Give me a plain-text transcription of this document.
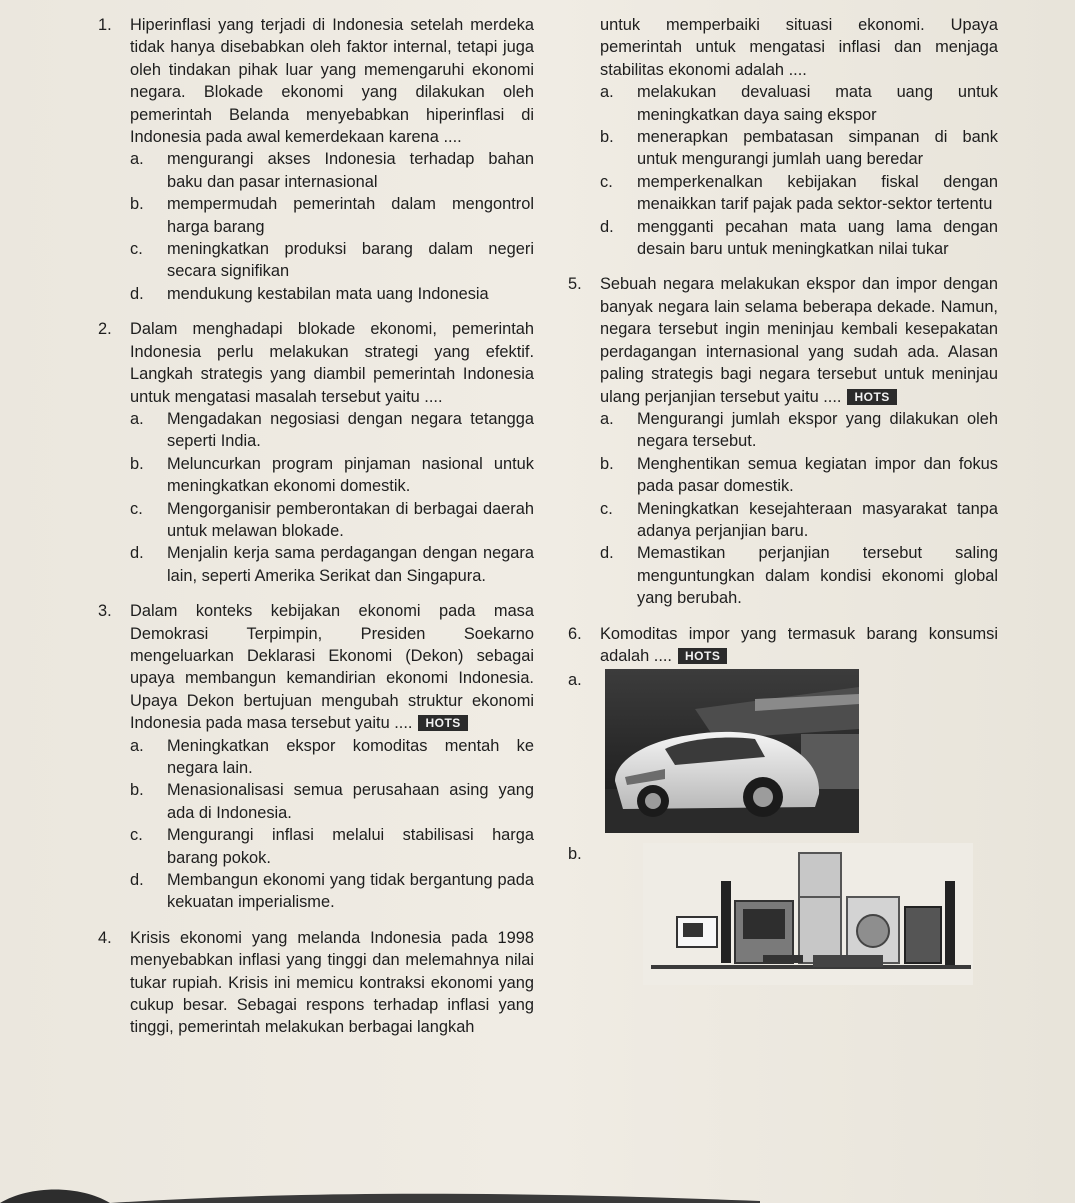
1. Hiperinflasi yang terjadi di Indonesia setelah merdeka tidak hanya disebabkan oleh faktor internal, tetapi juga oleh tindakan pihak luar yang memengaruhi ekonomi negara. Blokade ekonomi yang dilakukan oleh pemerintah Belanda menyebabkan hiperinflasi di Indonesia pada awal kemerdekaan karena ....
a. mengurangi akses Indonesia terhadap bahan baku dan pasar internasional
b. mempermudah pemerintah dalam mengontrol harga barang
c. meningkatkan produksi barang dalam negeri secara signifikan
d. mendukung kestabilan mata uang Indonesia
2. Dalam menghadapi blokade ekonomi, pemerintah Indonesia perlu melakukan strategi yang efektif. Langkah strategis yang diambil pemerintah Indonesia untuk mengatasi masalah tersebut yaitu ....
a. Mengadakan negosiasi dengan negara tetangga seperti India.
b. Meluncurkan program pinjaman nasional untuk meningkatkan ekonomi domestik.
c. Mengorganisir pemberontakan di berbagai daerah untuk melawan blokade.
d. Menjalin kerja sama perdagangan dengan negara lain, seperti Amerika Serikat dan Singapura.
3. Dalam konteks kebijakan ekonomi pada masa Demokrasi Terpimpin, Presiden Soekarno mengeluarkan Deklarasi Ekonomi (Dekon) sebagai upaya membangun kemandirian ekonomi Indonesia. Upaya Dekon bertujuan mengubah struktur ekonomi Indonesia pada masa tersebut yaitu .... HOTS
a. Meningkatkan ekspor komoditas mentah ke negara lain.
b. Menasionalisasi semua perusahaan asing yang ada di Indonesia.
c. Mengurangi inflasi melalui stabilisasi harga barang pokok.
d. Membangun ekonomi yang tidak bergantung pada kekuatan imperialisme.
4. Krisis ekonomi yang melanda Indonesia pada 1998 menyebabkan inflasi yang tinggi dan melemahnya nilai tukar rupiah. Krisis ini memicu kontraksi ekonomi yang cukup besar. Sebagai respons terhadap inflasi yang tinggi, pemerintah melakukan berbagai langkah
untuk memperbaiki situasi ekonomi. Upaya pemerintah untuk mengatasi inflasi dan menjaga stabilitas ekonomi adalah ....
a. melakukan devaluasi mata uang untuk meningkatkan daya saing ekspor
b. menerapkan pembatasan simpanan di bank untuk mengurangi jumlah uang beredar
c. memperkenalkan kebijakan fiskal dengan menaikkan tarif pajak pada sektor-sektor tertentu
d. mengganti pecahan mata uang lama dengan desain baru untuk meningkatkan nilai tukar
5. Sebuah negara melakukan ekspor dan impor dengan banyak negara lain selama beberapa dekade. Namun, negara tersebut ingin meninjau kembali kesepakatan perdagangan internasional yang sudah ada. Alasan paling strategis bagi negara tersebut untuk meninjau ulang perjanjian tersebut yaitu .... HOTS
a. Mengurangi jumlah ekspor yang dilakukan oleh negara tersebut.
b. Menghentikan semua kegiatan impor dan fokus pada pasar domestik.
c. Meningkatkan kesejahteraan masyarakat tanpa adanya perjanjian baru.
d. Memastikan perjanjian tersebut saling menguntungkan dalam kondisi ekonomi global yang berubah.
6. Komoditas impor yang termasuk barang konsumsi adalah .... HOTS
a.
b.
